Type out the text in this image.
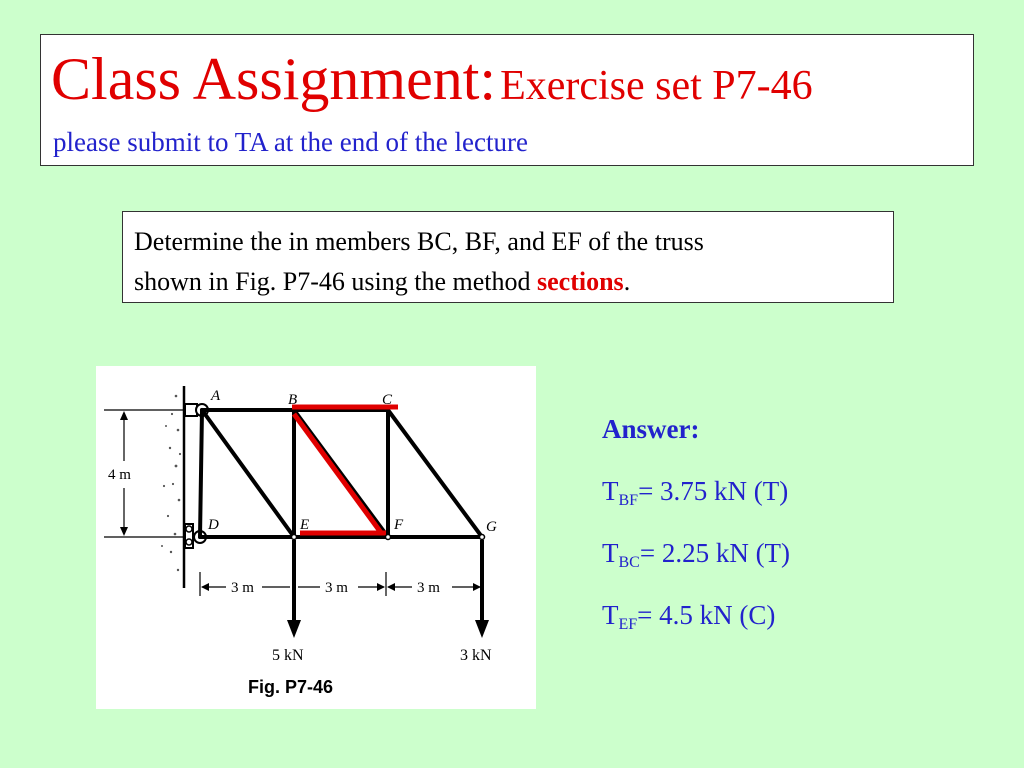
Class Assignment: Exercise set P7-46
please submit to TA at the end of the lecture
Determine the in members BC, BF, and EF of the truss
shown in Fig. P7-46 using the method sections.
A	B	C
D	E	F	G
4 m
3 m	3 m	3 m
5 kN	3 kN
Fig. P7-46
Answer:
$T_{BF}= 3.75$ kN (T)
$T_{BC}= 2.25$ kN (T)
$T_{EF}= 4.5$ kN (C)
